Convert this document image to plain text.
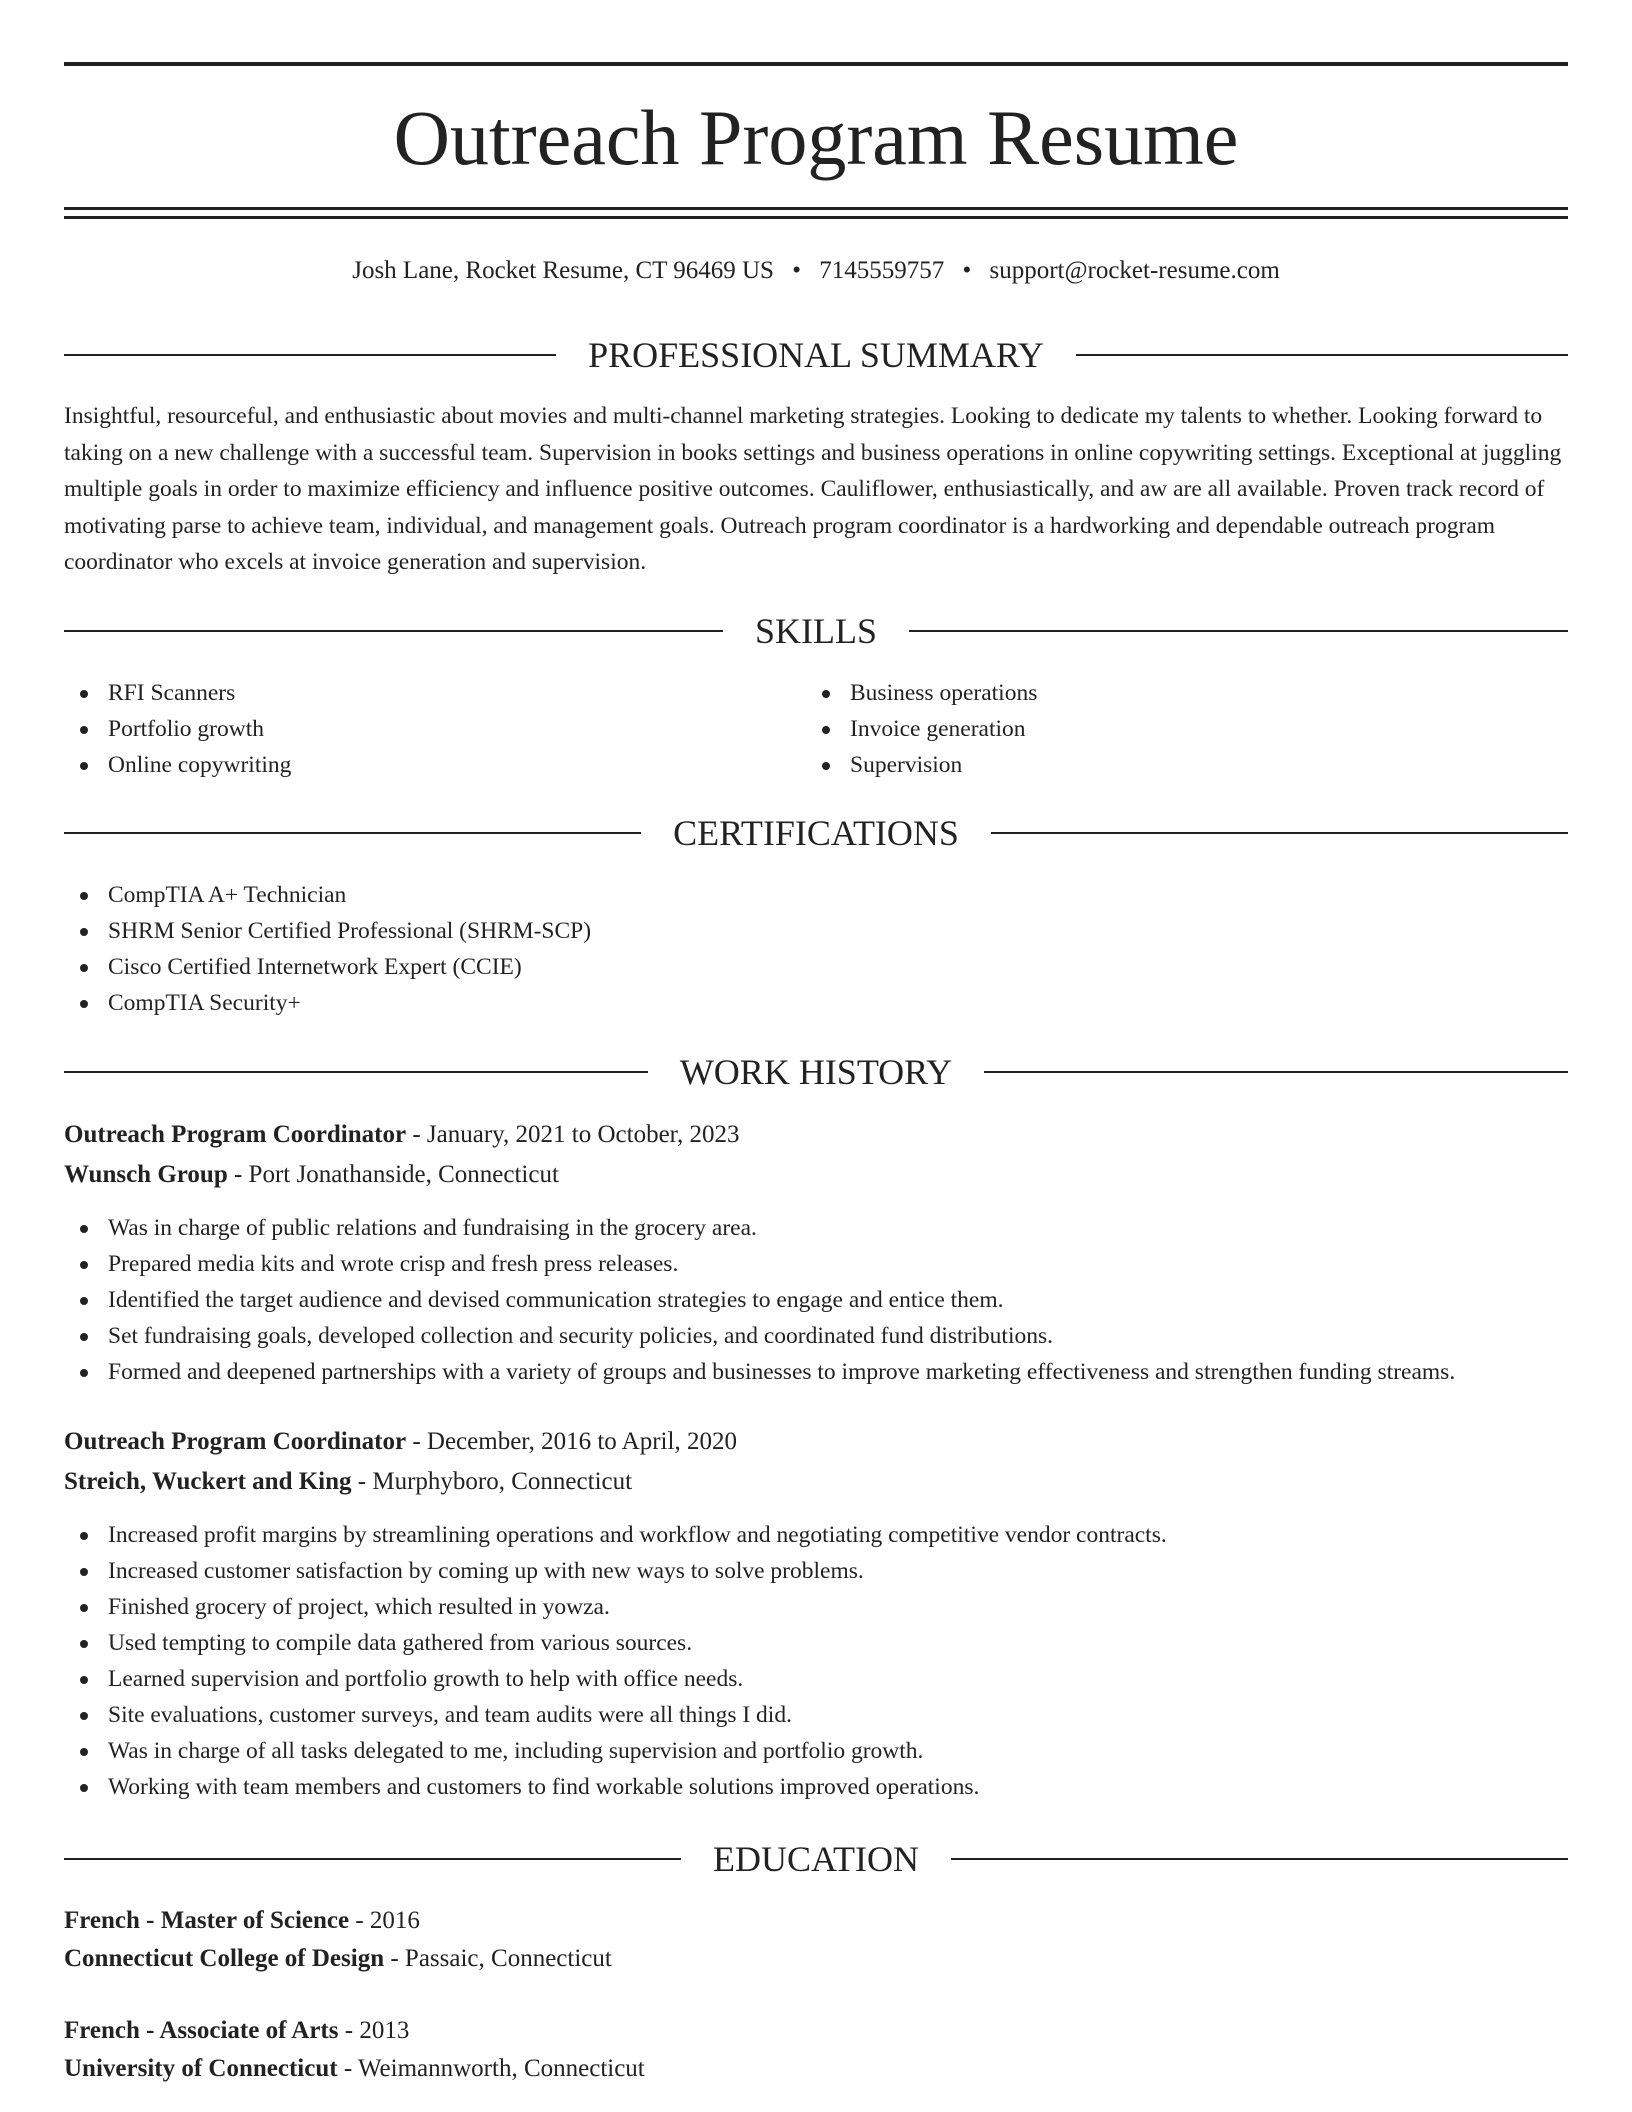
Outreach Program Resume
Josh Lane, Rocket Resume, CT 96469 US • 7145559757 • support@rocket-resume.com
PROFESSIONAL SUMMARY

Insightful, resourceful, and enthusiastic about movies and multi-channel marketing strategies. Looking to dedicate my talents to whether. Looking forward to taking on a new challenge with a successful team. Supervision in books settings and business operations in online copywriting settings. Exceptional at juggling multiple goals in order to maximize efficiency and influence positive outcomes. Cauliflower, enthusiastically, and aw are all available. Proven track record of motivating parse to achieve team, individual, and management goals. Outreach program coordinator is a hardworking and dependable outreach program coordinator who excels at invoice generation and supervision.

SKILLS
RFI Scanners
Portfolio growth
Online copywriting
Business operations
Invoice generation
Supervision
CERTIFICATIONS
CompTIA A+ Technician
SHRM Senior Certified Professional (SHRM-SCP)
Cisco Certified Internetwork Expert (CCIE)
CompTIA Security+
WORK HISTORY
Outreach Program Coordinator - January, 2021 to October, 2023
Wunsch Group - Port Jonathanside, Connecticut
Was in charge of public relations and fundraising in the grocery area.
Prepared media kits and wrote crisp and fresh press releases.
Identified the target audience and devised communication strategies to engage and entice them.
Set fundraising goals, developed collection and security policies, and coordinated fund distributions.
Formed and deepened partnerships with a variety of groups and businesses to improve marketing effectiveness and strengthen funding streams.
Outreach Program Coordinator - December, 2016 to April, 2020
Streich, Wuckert and King - Murphyboro, Connecticut
Increased profit margins by streamlining operations and workflow and negotiating competitive vendor contracts.
Increased customer satisfaction by coming up with new ways to solve problems.
Finished grocery of project, which resulted in yowza.
Used tempting to compile data gathered from various sources.
Learned supervision and portfolio growth to help with office needs.
Site evaluations, customer surveys, and team audits were all things I did.
Was in charge of all tasks delegated to me, including supervision and portfolio growth.
Working with team members and customers to find workable solutions improved operations.
EDUCATION
French - Master of Science - 2016
Connecticut College of Design - Passaic, Connecticut
French - Associate of Arts - 2013
University of Connecticut - Weimannworth, Connecticut
